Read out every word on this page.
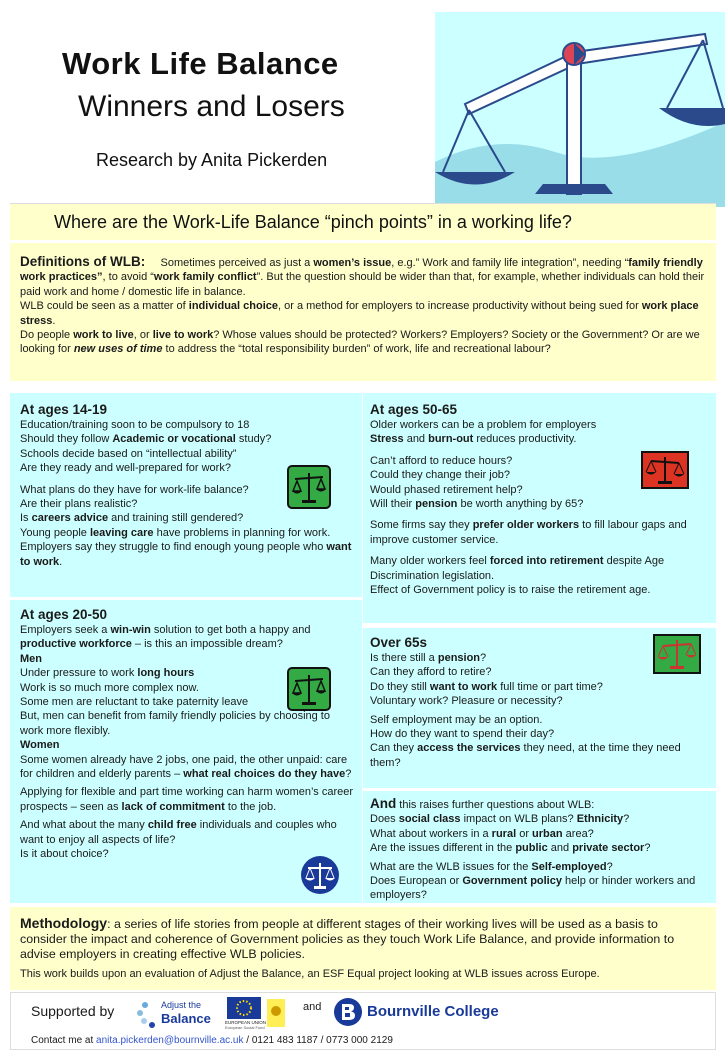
Work Life Balance
Winners and Losers
Research by Anita Pickerden
Where are the Work-Life Balance “pinch points” in a working life?

Definitions of WLB: Sometimes perceived as just a women’s issue, e.g.” Work and family life integration”, needing “family friendly work practices”, to avoid “work family conflict”. But the question should be wider than that, for example, whether individuals can hold their paid work and home / domestic life in balance.

WLB could be seen as a matter of individual choice, or a method for employers to increase productivity without being sued for work place stress.

Do people work to live, or live to work? Whose values should be protected? Workers? Employers? Society or the Government? Or are we looking for new uses of time to address the “total responsibility burden” of work, life and recreational labour?

At ages 14-19

Education/training soon to be compulsory to 18

Should they follow Academic or vocational study?

Schools decide based on “intellectual ability”

Are they ready and well-prepared for work?

What plans do they have for work-life balance?

Are their plans realistic?

Is careers advice and training still gendered?

Young people leaving care have problems in planning for work.

Employers say they struggle to find enough young people who want to work.

At ages 20-50

Employers seek a win-win solution to get both a happy and productive workforce – is this an impossible dream?

Men

Under pressure to work long hours

Work is so much more complex now.

Some men are reluctant to take paternity leave

But, men can benefit from family friendly policies by choosing to work more flexibly.

Women

Some women already have 2 jobs, one paid, the other unpaid: care for children and elderly parents – what real choices do they have?

Applying for flexible and part time working can harm women’s career prospects – seen as lack of commitment to the job.

And what about the many child free individuals and couples who want to enjoy all aspects of life?

Is it about choice?

At ages 50-65

Older workers can be a problem for employers

Stress and burn-out reduces productivity.

Can’t afford to reduce hours?

Could they change their job?

Would phased retirement help?

Will their pension be worth anything by 65?

Some firms say they prefer older workers to fill labour gaps and improve customer service.

Many older workers feel forced into retirement despite Age Discrimination legislation.

Effect of Government policy is to raise the retirement age.

Over 65s

Is there still a pension?

Can they afford to retire?

Do they still want to work full time or part time?

Voluntary work? Pleasure or necessity?

Self employment may be an option.

How do they want to spend their day?

Can they access the services they need, at the time they need them?

And this raises further questions about WLB:

Does social class impact on WLB plans? Ethnicity?

What about workers in a rural or urban area?

Are the issues different in the public and private sector?

What are the WLB issues for the Self-employed?

Does European or Government policy help or hinder workers and employers?

Methodology: a series of life stories from people at different stages of their working lives will be used as a basis to consider the impact and coherence of Government policies as they touch Work Life Balance, and provide information to advise employers in creating effective WLB policies.

This work builds upon an evaluation of Adjust the Balance, an ESF Equal project looking at WLB issues across Europe.

Supported by	Adjust the
Balance	EUROPEAN UNION
European Social Fund
and	Bournville College
Contact me at anita.pickerden@bournville.ac.uk / 0121 483 1187 / 0773 000 2129
